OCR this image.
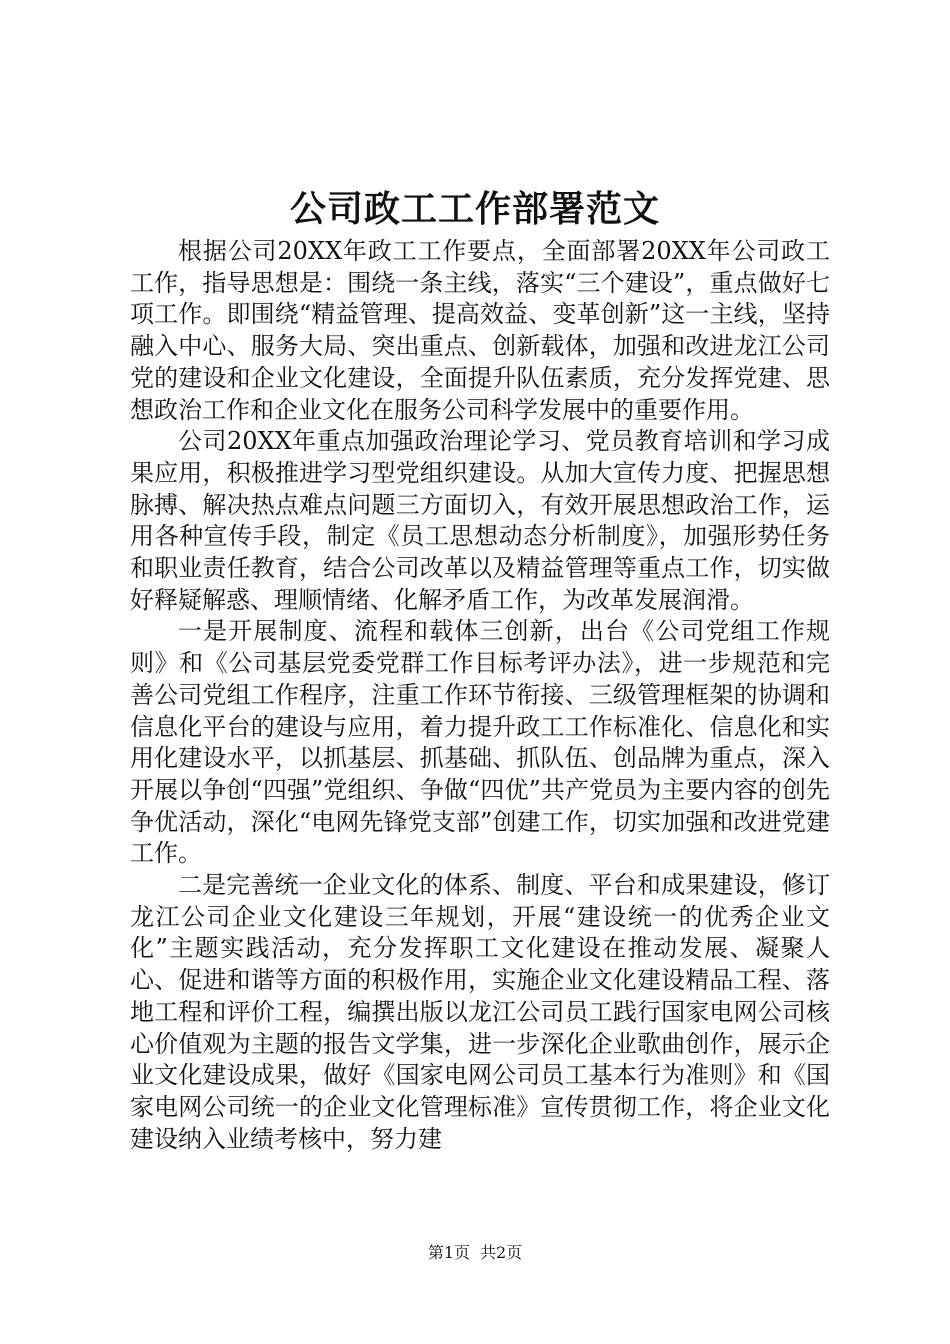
公司政工工作部署范文

根据公司20XX年政工工作要点，全面部署20XX年公司政工工作，指导思想是：围绕一条主线，落实“三个建设”，重点做好七项工作。即围绕“精益管理、提高效益、变革创新”这一主线，坚持融入中心、服务大局、突出重点、创新载体，加强和改进龙江公司党的建设和企业文化建设，全面提升队伍素质，充分发挥党建、思想政治工作和企业文化在服务公司科学发展中的重要作用。

公司20XX年重点加强政治理论学习、党员教育培训和学习成果应用，积极推进学习型党组织建设。从加大宣传力度、把握思想脉搏、解决热点难点问题三方面切入，有效开展思想政治工作，运用各种宣传手段，制定《员工思想动态分析制度》，加强形势任务和职业责任教育，结合公司改革以及精益管理等重点工作，切实做好释疑解惑、理顺情绪、化解矛盾工作，为改革发展润滑。

一是开展制度、流程和载体三创新，出台《公司党组工作规则》和《公司基层党委党群工作目标考评办法》，进一步规范和完善公司党组工作程序，注重工作环节衔接、三级管理框架的协调和信息化平台的建设与应用，着力提升政工工作标准化、信息化和实用化建设水平，以抓基层、抓基础、抓队伍、创品牌为重点，深入开展以争创“四强”党组织、争做“四优”共产党员为主要内容的创先争优活动，深化“电网先锋党支部”创建工作，切实加强和改进党建工作。

二是完善统一企业文化的体系、制度、平台和成果建设，修订龙江公司企业文化建设三年规划，开展“建设统一的优秀企业文化”主题实践活动，充分发挥职工文化建设在推动发展、凝聚人心、促进和谐等方面的积极作用，实施企业文化建设精品工程、落地工程和评价工程，编撰出版以龙江公司员工践行国家电网公司核心价值观为主题的报告文学集，进一步深化企业歌曲创作，展示企业文化建设成果，做好《国家电网公司员工基本行为准则》和《国家电网公司统一的企业文化管理标准》宣传贯彻工作，将企业文化建设纳入业绩考核中，努力建

第1页 共2页
